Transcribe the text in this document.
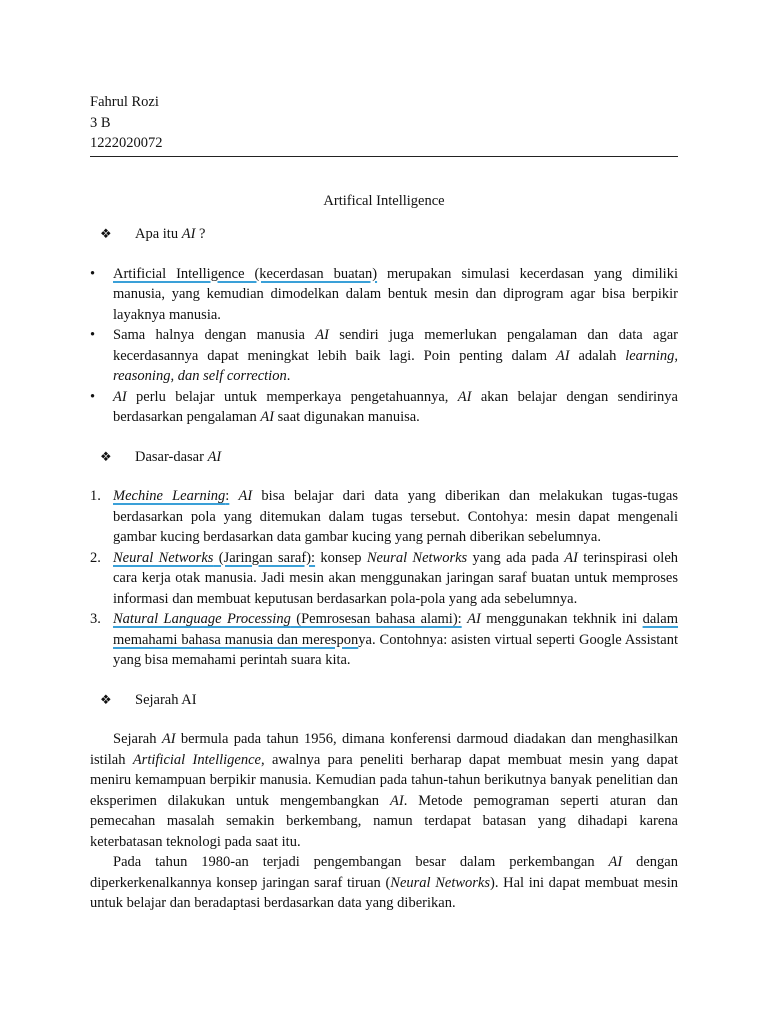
Fahrul Rozi
3 B
1222020072
Artifical Intelligence
❖ Apa itu AI ?
• Artificial Intelligence (kecerdasan buatan) merupakan simulasi kecerdasan yang dimiliki manusia, yang kemudian dimodelkan dalam bentuk mesin dan diprogram agar bisa berpikir layaknya manusia.
• Sama halnya dengan manusia AI sendiri juga memerlukan pengalaman dan data agar kecerdasannya dapat meningkat lebih baik lagi. Poin penting dalam AI adalah learning, reasoning, dan self correction.
• AI perlu belajar untuk memperkaya pengetahuannya, AI akan belajar dengan sendirinya berdasarkan pengalaman AI saat digunakan manuisa.
❖ Dasar-dasar AI
1. Mechine Learning: AI bisa belajar dari data yang diberikan dan melakukan tugas-tugas berdasarkan pola yang ditemukan dalam tugas tersebut. Contohya: mesin dapat mengenali gambar kucing berdasarkan data gambar kucing yang pernah diberikan sebelumnya.
2. Neural Networks (Jaringan saraf): konsep Neural Networks yang ada pada AI terinspirasi oleh cara kerja otak manusia. Jadi mesin akan menggunakan jaringan saraf buatan untuk memproses informasi dan membuat keputusan berdasarkan pola-pola yang ada sebelumnya.
3. Natural Language Processing (Pemrosesan bahasa alami): AI menggunakan tekhnik ini dalam memahami bahasa manusia dan meresponya. Contohnya: asisten virtual seperti Google Assistant yang bisa memahami perintah suara kita.
❖ Sejarah AI

Sejarah AI bermula pada tahun 1956, dimana konferensi darmoud diadakan dan menghasilkan istilah Artificial Intelligence, awalnya para peneliti berharap dapat membuat mesin yang dapat meniru kemampuan berpikir manusia. Kemudian pada tahun-tahun berikutnya banyak penelitian dan eksperimen dilakukan untuk mengembangkan AI. Metode pemograman seperti aturan dan pemecahan masalah semakin berkembang, namun terdapat batasan yang dihadapi karena keterbatasan teknologi pada saat itu.

Pada tahun 1980-an terjadi pengembangan besar dalam perkembangan AI dengan diperkerkenalkannya konsep jaringan saraf tiruan (Neural Networks). Hal ini dapat membuat mesin untuk belajar dan beradaptasi berdasarkan data yang diberikan.
